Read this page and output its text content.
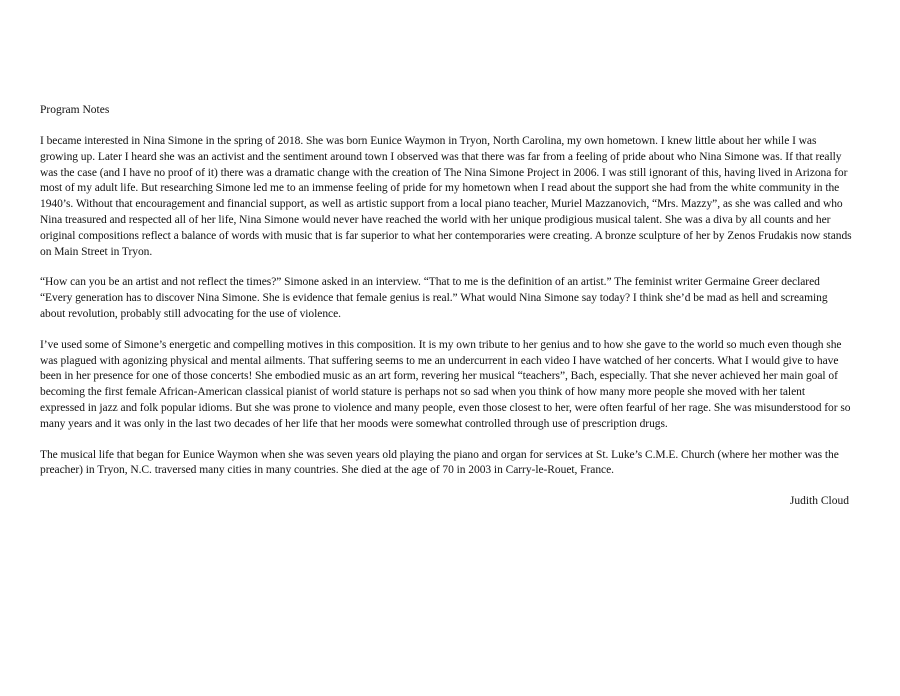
Program Notes

I became interested in Nina Simone in the spring of 2018. She was born Eunice Waymon in Tryon, North Carolina, my own hometown. I knew little about her while I was growing up. Later I heard she was an activist and the sentiment around town I observed was that there was far from a feeling of pride about who Nina Simone was. If that really was the case (and I have no proof of it) there was a dramatic change with the creation of The Nina Simone Project in 2006. I was still ignorant of this, having lived in Arizona for most of my adult life. But researching Simone led me to an immense feeling of pride for my hometown when I read about the support she had from the white community in the 1940’s. Without that encouragement and financial support, as well as artistic support from a local piano teacher, Muriel Mazzanovich, “Mrs. Mazzy”, as she was called and who Nina treasured and respected all of her life, Nina Simone would never have reached the world with her unique prodigious musical talent. She was a diva by all counts and her original compositions reflect a balance of words with music that is far superior to what her contemporaries were creating. A bronze sculpture of her by Zenos Frudakis now stands on Main Street in Tryon.

“How can you be an artist and not reflect the times?” Simone asked in an interview. “That to me is the definition of an artist.” The feminist writer Germaine Greer declared “Every generation has to discover Nina Simone. She is evidence that female genius is real.” What would Nina Simone say today? I think she’d be mad as hell and screaming about revolution, probably still advocating for the use of violence.

I’ve used some of Simone’s energetic and compelling motives in this composition. It is my own tribute to her genius and to how she gave to the world so much even though she was plagued with agonizing physical and mental ailments. That suffering seems to me an undercurrent in each video I have watched of her concerts. What I would give to have been in her presence for one of those concerts! She embodied music as an art form, revering her musical “teachers”, Bach, especially. That she never achieved her main goal of becoming the first female African-American classical pianist of world stature is perhaps not so sad when you think of how many more people she moved with her talent expressed in jazz and folk popular idioms. But she was prone to violence and many people, even those closest to her, were often fearful of her rage. She was misunderstood for so many years and it was only in the last two decades of her life that her moods were somewhat controlled through use of prescription drugs.

The musical life that began for Eunice Waymon when she was seven years old playing the piano and organ for services at St. Luke’s C.M.E. Church (where her mother was the preacher) in Tryon, N.C. traversed many cities in many countries. She died at the age of 70 in 2003 in Carry-le-Rouet, France.

Judith Cloud
